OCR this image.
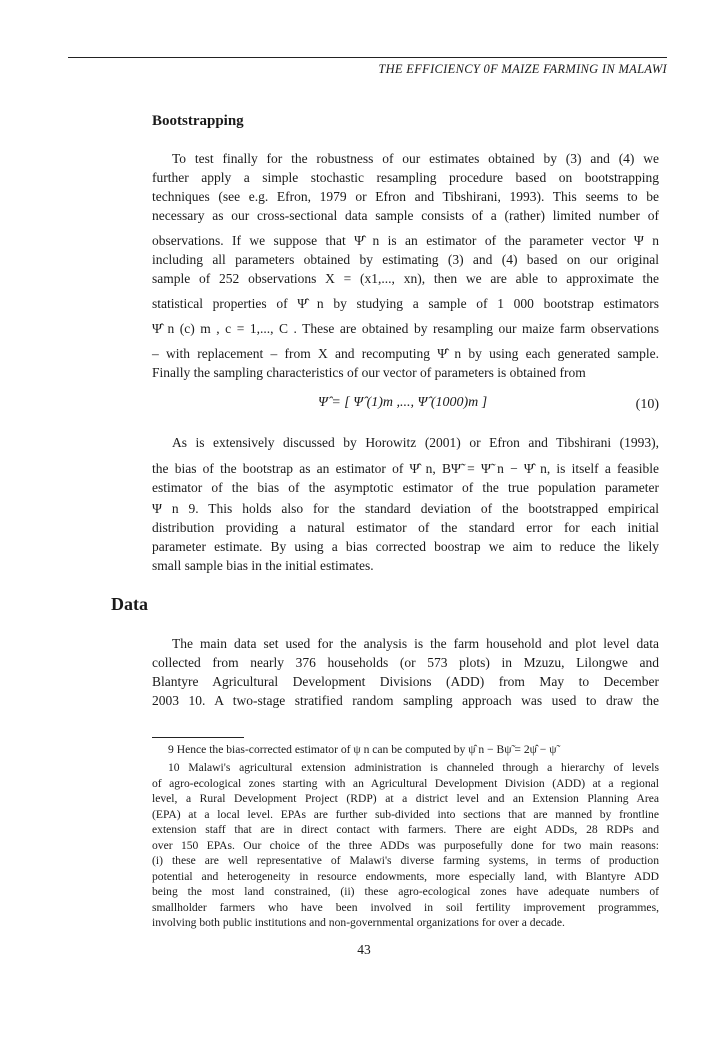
THE EFFICIENCY 0F MAIZE FARMING IN MALAWI
Bootstrapping
To test finally for the robustness of our estimates obtained by (3) and (4) we
further apply a simple stochastic resampling procedure based on bootstrapping
techniques (see e.g. Efron, 1979 or Efron and Tibshirani, 1993). This seems to be
necessary as our cross-sectional data sample consists of a (rather) limited number of
observations. If we suppose that Ψ̂ n is an estimator of the parameter vector Ψ n
including all parameters obtained by estimating (3) and (4) based on our original
sample of 252 observations X = (x1,..., xn), then we are able to approximate the
statistical properties of Ψ̂ n by studying a sample of 1 000 bootstrap estimators
Ψ̂ n (c) m , c = 1,..., C . These are obtained by resampling our maize farm observations
– with replacement – from X and recomputing Ψ̂ n by using each generated sample.
Finally the sampling characteristics of our vector of parameters is obtained from
Ψ̂ = [ Ψ̂ (1)m ,..., Ψ̂ (1000)m ]	(10)
As is extensively discussed by Horowitz (2001) or Efron and Tibshirani (1993),
the bias of the bootstrap as an estimator of Ψ̂ n, BΨ̃ = Ψ̃ n − Ψ̂ n, is itself a feasible
estimator of the bias of the asymptotic estimator of the true population parameter
Ψ n 9. This holds also for the standard deviation of the bootstrapped empirical
distribution providing a natural estimator of the standard error for each initial
parameter estimate. By using a bias corrected boostrap we aim to reduce the likely
small sample bias in the initial estimates.
Data
The main data set used for the analysis is the farm household and plot level data
collected from nearly 376 households (or 573 plots) in Mzuzu, Lilongwe and
Blantyre Agricultural Development Divisions (ADD) from May to December
2003 10. A two-stage stratified random sampling approach was used to draw the
9 Hence the bias-corrected estimator of ψ n can be computed by ψ̂ n − Bψ̃ = 2ψ̂ − ψ̃
10 Malawi's agricultural extension administration is channeled through a hierarchy of levels
of agro-ecological zones starting with an Agricultural Development Division (ADD) at a regional
level, a Rural Development Project (RDP) at a district level and an Extension Planning Area
(EPA) at a local level. EPAs are further sub-divided into sections that are manned by frontline
extension staff that are in direct contact with farmers. There are eight ADDs, 28 RDPs and
over 150 EPAs. Our choice of the three ADDs was purposefully done for two main reasons:
(i) these are well representative of Malawi's diverse farming systems, in terms of production
potential and heterogeneity in resource endowments, more especially land, with Blantyre ADD
being the most land constrained, (ii) these agro-ecological zones have adequate numbers of
smallholder farmers who have been involved in soil fertility improvement programmes,
involving both public institutions and non-governmental organizations for over a decade.
43
